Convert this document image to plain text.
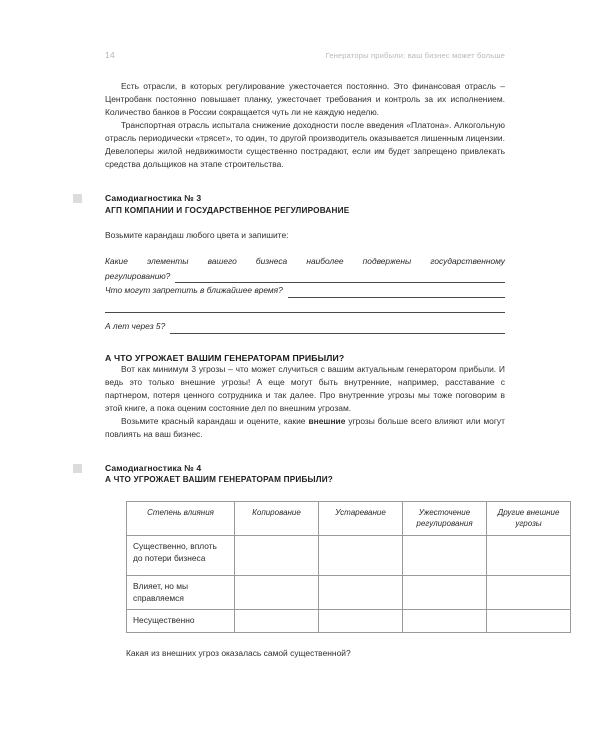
14	Генераторы прибыли: ваш бизнес может больше

Есть отрасли, в которых регулирование ужесточается постоянно. Это финансовая отрасль – Центробанк постоянно повышает планку, ужесточает требования и контроль за их исполнением. Количество банков в России сокращается чуть ли не каждую неделю.

Транспортная отрасль испытала снижение доходности после введения «Платона». Алкогольную отрасль периодически «трясет», то один, то другой производитель оказывается лишенным лицензии. Девелоперы жилой недвижимости существенно пострадают, если им будет запрещено привлекать средства дольщиков на этапе строительства.

Самодиагностика № 3
АГП КОМПАНИИ И ГОСУДАРСТВЕННОЕ РЕГУЛИРОВАНИЕ
Возьмите карандаш любого цвета и запишите:
Какие элементы вашего бизнеса наиболее подвержены государственному
регулированию?
Что могут запретить в ближайшее время?
А лет через 5?
А ЧТО УГРОЖАЕТ ВАШИМ ГЕНЕРАТОРАМ ПРИБЫЛИ?

Вот как минимум 3 угрозы – что может случиться с вашим актуальным генератором прибыли. И ведь это только внешние угрозы! А еще могут быть внутренние, например, расставание с партнером, потеря ценного сотрудника и так далее. Про внутренние угрозы мы тоже поговорим в этой книге, а пока оценим состояние дел по внешним угрозам.

Возьмите красный карандаш и оцените, какие внешние угрозы больше всего влияют или могут повлиять на ваш бизнес.

Самодиагностика № 4
А ЧТО УГРОЖАЕТ ВАШИМ ГЕНЕРАТОРАМ ПРИБЫЛИ?
Степень влияния	Копирование	Устаревание	Ужесточение регулирования	Другие внешние угрозы
Существенно, вплоть до потери бизнеса				
Влияет, но мы справляемся				
Несущественно				
Какая из внешних угроз оказалась самой существенной?
